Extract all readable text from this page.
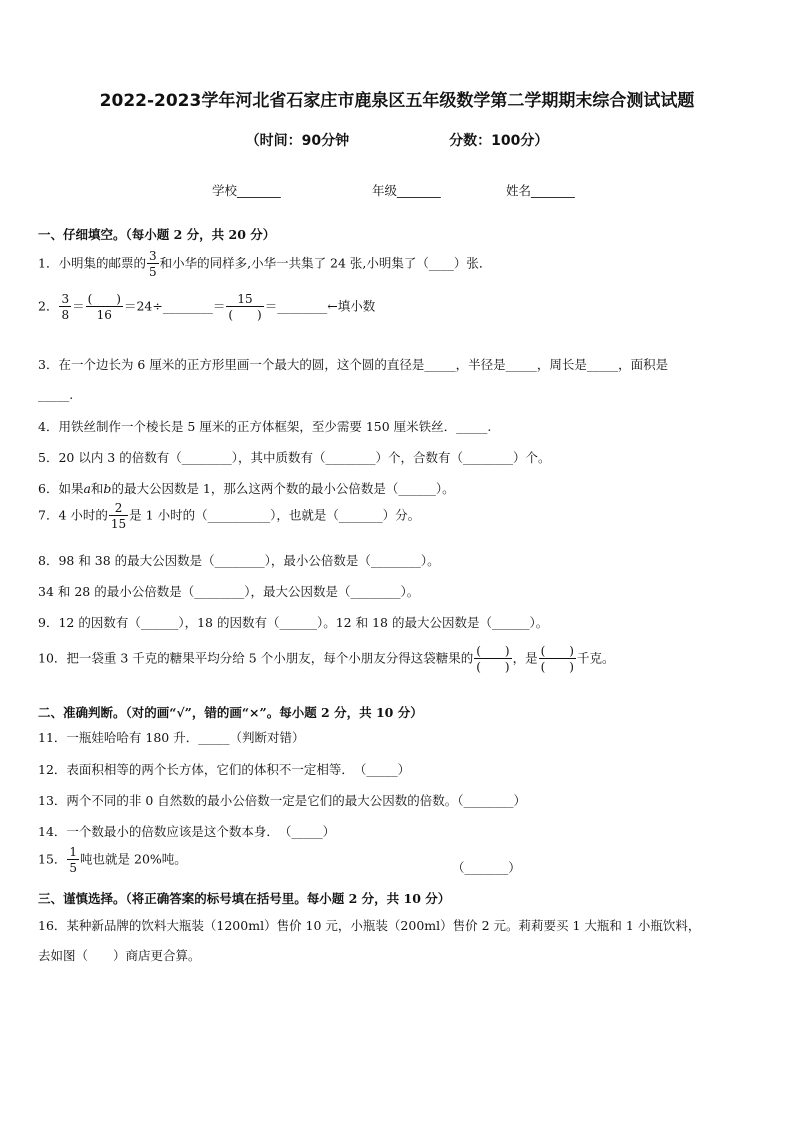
2022-2023学年河北省石家庄市鹿泉区五年级数学第二学期期末综合测试试题
（时间：90分钟	分数：100分）
学校_______	年级_______	姓名_______
一、仔细填空。（每小题 2 分，共 20 分）
1．小明集的邮票的 $\frac{3}{5}$ 和小华的同样多,小华一共集了 24 张,小明集了（____）张．
2． $\frac{3}{8} = \frac{( )}{16}$ ＝24÷________＝ $\frac{15}{( )}$ ＝________←填小数
3．在一个边长为 6 厘米的正方形里画一个最大的圆，这个圆的直径是_____，半径是_____，周长是_____，面积是
_____.
4．用铁丝制作一个棱长是 5 厘米的正方体框架，至少需要 150 厘米铁丝．_____.
5．20 以内 3 的倍数有（________），其中质数有（________）个，合数有（________）个。
6．如果a和b的最大公因数是 1，那么这两个数的最小公倍数是（______）。
7．4 小时的 $\frac{2}{15}$ 是 1 小时的（__________），也就是（_______）分。
8．98 和 38 的最大公因数是（________），最小公倍数是（________）。
34 和 28 的最小公倍数是（________），最大公因数是（________）。
9．12 的因数有（______），18 的因数有（______）。12 和 18 的最大公因数是（______）。
10．把一袋重 3 千克的糖果平均分给 5 个小朋友，每个小朋友分得这袋糖果的 $\frac{( )}{( )}$ ，是 $\frac{( )}{( )}$ 千克。
二、准确判断。（对的画“√”，错的画“×”。每小题 2 分，共 10 分）
11．一瓶娃哈哈有 180 升．_____（判断对错）
12．表面积相等的两个长方体，它们的体积不一定相等．　（_____）
13．两个不同的非 0 自然数的最小公倍数一定是它们的最大公因数的倍数。（________）
14．一个数最小的倍数应该是这个数本身．　（_____）
15． $\frac{1}{5}$ 吨也就是 20%吨。
（_______）
三、谨慎选择。（将正确答案的标号填在括号里。每小题 2 分，共 10 分）
16．某种新品牌的饮料大瓶装（1200ml）售价 10 元，小瓶装（200ml）售价 2 元。莉莉要买 1 大瓶和 1 小瓶饮料，
去如图（　　）商店更合算。
